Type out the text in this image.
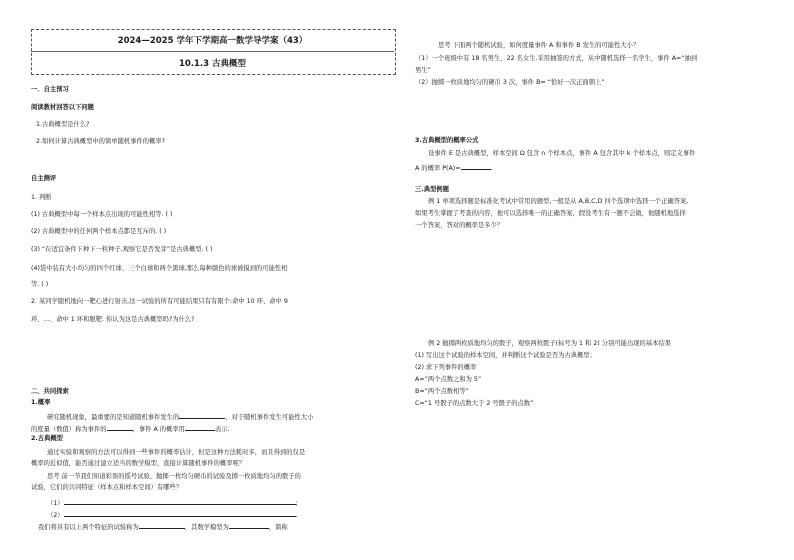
2024—2025 学年下学期高一数学导学案（43）
10.1.3 古典概型
一．自主预习
阅读教材回答以下问题
1.古典概型是什么?
2.如何计算古典概型中的简单随机事件的概率?
自主测评
1. 判断
(1) 古典概型中每一个样本点出现的可能性相等. ( )
(2) 古典概型中的任何两个样本点都是互斥的. ( )
(3) “在适宜条件下种下一粒种子,观察它是否发芽”是古典概型. ( )
(4)袋中装有大小均匀的四个红球、三个白球和两个黑球,那么每种颜色的球被摸到的可能性相
等. ( )
2. 某同学随机地向一靶心进行射击,这一试验的所有可能结果只有有限个:命中 10 环、命中 9
环、…、命中 1 环和脱靶. 你认为这是古典概型吗?为什么?
二、共同探索
1.概率
研究随机现象，最重要的是知道随机事件发生的	，对于随机事件发生可能性大小
的度量（数值）称为事件的	，事件 A 的概率用	表示.
2.古典概型
通过实验和观察的方法可以得到一些事件的概率估计，但是这种方法耗时多，而且得到的仅是
概率的近似值，能否通过建立适当的数学模型，直接计算随机事件的概率呢？
思考 前一节我们知道彩票的摇号试验、抛掷一枚均匀硬币的试验及掷一枚质地均匀的骰子的
试验，它们的共同特征（样本点和样本空间）有哪些？
（1）	;
（2）	.
我们将具有以上两个特征的试验称为	，其数学模型为	，简称
思考 下面两个随机试验，如何度量事件 A 和事件 B 发生的可能性大小？
（1）一个班级中有 18 名男生、22 名女生.采用抽签的方式，从中随机选择一名学生，事件 A=“抽到
男生”
（2）抛掷一枚质地均匀的硬币 3 次，事件 B= “恰好一次正面朝上”
3.古典概型的概率公式
设事件 E 是古典概型，样本空间 Ω 包含 n 个样本点，事件 A 包含其中 k 个样本点，则定义事件
A 的概率 P(A)=	.
三.典型例题
例 1 单项选择题是标准化考试中常用的题型,一般是从 A,B,C,D 四个选项中选择一个正确答案,
如果考生掌握了考查的内容，他可以选择唯一的正确答案，假设考生有一题不会做，他随机地选择
一个答案，答对的概率是多少？
例 2 抛掷两枚质地均匀的骰子，观察两枚骰子(标号为 1 和 2) 分别可能出现的基本结果
(1) 写出这个试验的样本空间，并判断这个试验是否为古典概型；
(2) 求下列事件的概率
A=“两个点数之和为 5”
B=“两个点数相等”
C=“1 号骰子的点数大于 2 号骰子的点数”
